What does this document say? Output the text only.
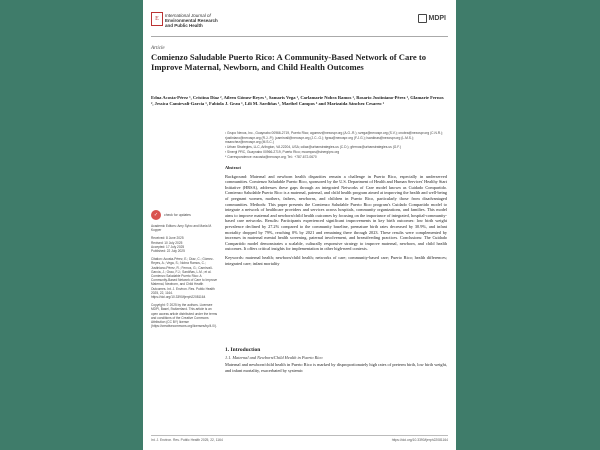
E
International Journal of
Environmental Research
and Public Health
MDPI
Article
Comienzo Saludable Puerto Rico: A Community-Based Network of Care to Improve Maternal, Newborn, and Child Health Outcomes
Edna Acosta-Pérez ¹, Cristina Díaz ², Aileen Gómez-Reyes ¹, Samaris Vega ¹, Carlamarie Nobra Ramos ¹, Rosario Justiniano-Pérez ¹, Glamarie Fernos ², Jessica Camirvali-García ¹, Fabiola J. Grau ¹, Lili M. Sardiñas ¹, Maribel Campos ³ and Marizaida Sánchez Cesareo ¹
¹ Grupo Nexos, Inc., Guaynabo 00966-2719, Puerto Rico; agomez@nexospr.org (A.G.-R.); svega@nexospr.org (S.V.); cnobra@nexospr.org (C.N.R.); rjustiniano@nexospr.org (R.J.-P.); jcamirvali@nexospr.org (J.C.-G.); fgrau@nexospr.org (F.J.G.); lsardinas@nexospr.org (L.M.S.); msanchez@nexospr.org (M.S.C.)
² Urban Strategies, LLC, Arlington, VA 22204, USA; cdiaz@urbanstrategies.us (C.D.); gfernos@urbanstrategies.us (G.F.)
³ Sinergi PRC, Guaynabo 00966-2719, Puerto Rico; mcampos@sinergiprc.org
* Correspondence: eacosta@nexospr.org; Tel.: +787-672-0670
✓	check for updates
Academic Editors: Amy Sylvo and Maria M. Kopper
Received: 8 June 2025
Revised: 10 July 2025
Accepted: 17 July 2025
Published: 22 July 2025
Citation: Acosta-Pérez, E.; Díaz, C.; Gómez-Reyes, A.; Vega, S.; Nobra Ramos, C.; Justiniano-Pérez, R.; Fernos, G.; Camirvali-García, J.; Grau, F.J.; Sardiñas, L.M.; et al. Comienzo Saludable Puerto Rico: A Community-Based Network of Care to Improve Maternal, Newborn, and Child Health Outcomes. Int. J. Environ. Res. Public Health 2025, 22, 1164. https://doi.org/10.3390/ijerph22081164
Copyright: © 2025 by the authors. Licensee MDPI, Basel, Switzerland. This article is an open access article distributed under the terms and conditions of the Creative Commons Attribution (CC BY) license (https://creativecommons.org/licenses/by/4.0/).

Abstract

Background: Maternal and newborn health disparities remain a challenge in Puerto Rico, especially in underserved communities. Comienzo Saludable Puerto Rico, sponsored by the U.S. Department of Health and Human Services' Healthy Start Initiative (HRSA), addresses these gaps through an integrated Networks of Care model known as Cuidado Compartido. Comienzo Saludable Puerto Rico is a maternal, paternal, and child health program aimed at improving the health and well-being of pregnant women, mothers, fathers, newborns, and children in Puerto Rico, particularly those from disadvantaged communities. Methods: This paper presents the Comienzo Saludable Puerto Rico program's Cuidado Compartido model to integrate a network of healthcare providers and services across hospitals, community organizations, and families. This model aims to improve maternal and newborn/child health outcomes by focusing on the importance of integrated, hospital-community-based care networks. Results: Participants experienced significant improvements in key birth outcomes: low birth weight prevalence declined by 27.2% compared to the community baseline, premature birth rates decreased by 30.9%, and infant mortality dropped by 79%, reaching 0% by 2021 and remaining there through 2023. These results were complemented by increases in maternal mental health screening, paternal involvement, and breastfeeding practices. Conclusions: The Cuidado Compartido model demonstrates a scalable, culturally responsive strategy to improve maternal, newborn, and child health outcomes. It offers critical insights for implementation in other high-need contexts.

Keywords: maternal health; newborn/child health; networks of care; community-based care; Puerto Rico; health differences; integrated care; infant mortality

1. Introduction
1.1. Maternal and Newborn/Child Health in Puerto Rico
Maternal and newborn/child health in Puerto Rico is marked by disproportionately high rates of preterm birth, low birth weight, and infant mortality, exacerbated by systemic
Int. J. Environ. Res. Public Health 2025, 22, 1164	https://doi.org/10.3390/ijerph22081164
